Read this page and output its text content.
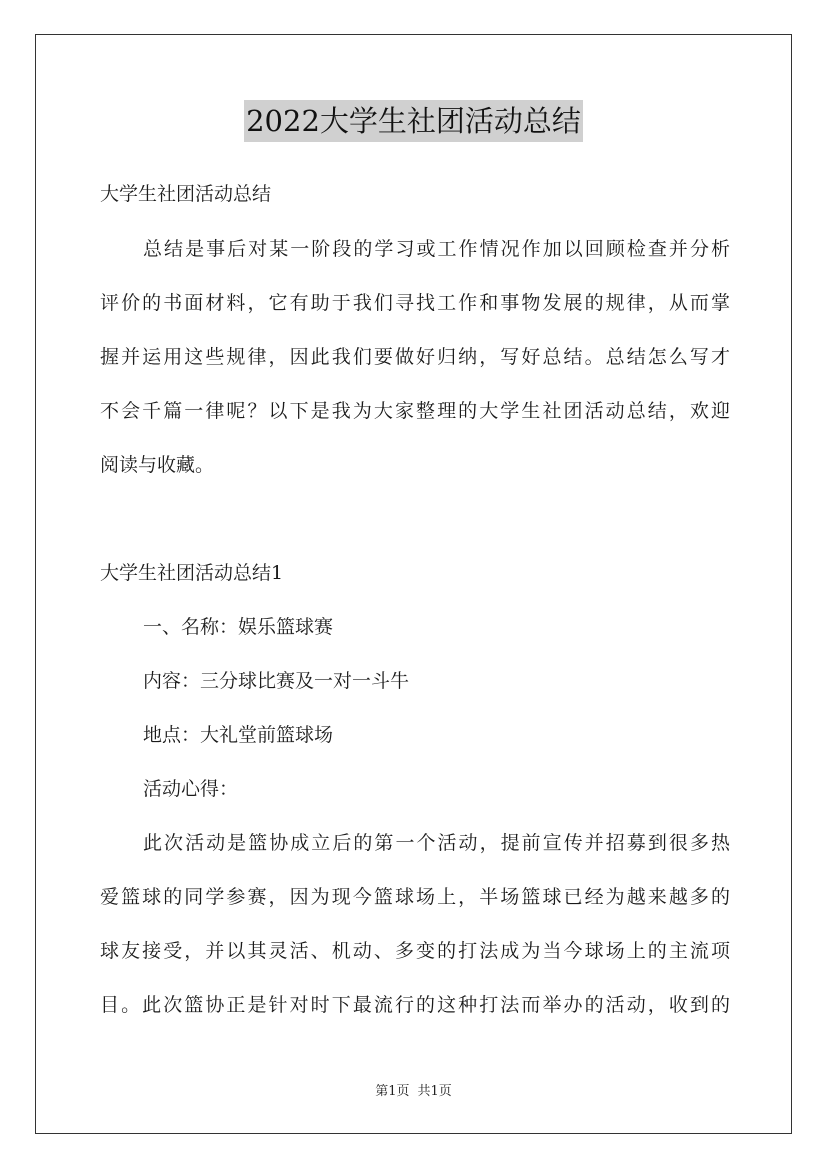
2022大学生社团活动总结
大学生社团活动总结
总结是事后对某一阶段的学习或工作情况作加以回顾检查并分析
评价的书面材料，它有助于我们寻找工作和事物发展的规律，从而掌
握并运用这些规律，因此我们要做好归纳，写好总结。总结怎么写才
不会千篇一律呢？以下是我为大家整理的大学生社团活动总结，欢迎
阅读与收藏。
大学生社团活动总结1
一、名称：娱乐篮球赛
内容：三分球比赛及一对一斗牛
地点：大礼堂前篮球场
活动心得：
此次活动是篮协成立后的第一个活动，提前宣传并招募到很多热
爱篮球的同学参赛，因为现今篮球场上，半场篮球已经为越来越多的
球友接受，并以其灵活、机动、多变的打法成为当今球场上的主流项
目。此次篮协正是针对时下最流行的这种打法而举办的活动，收到的
第1页 共1页
